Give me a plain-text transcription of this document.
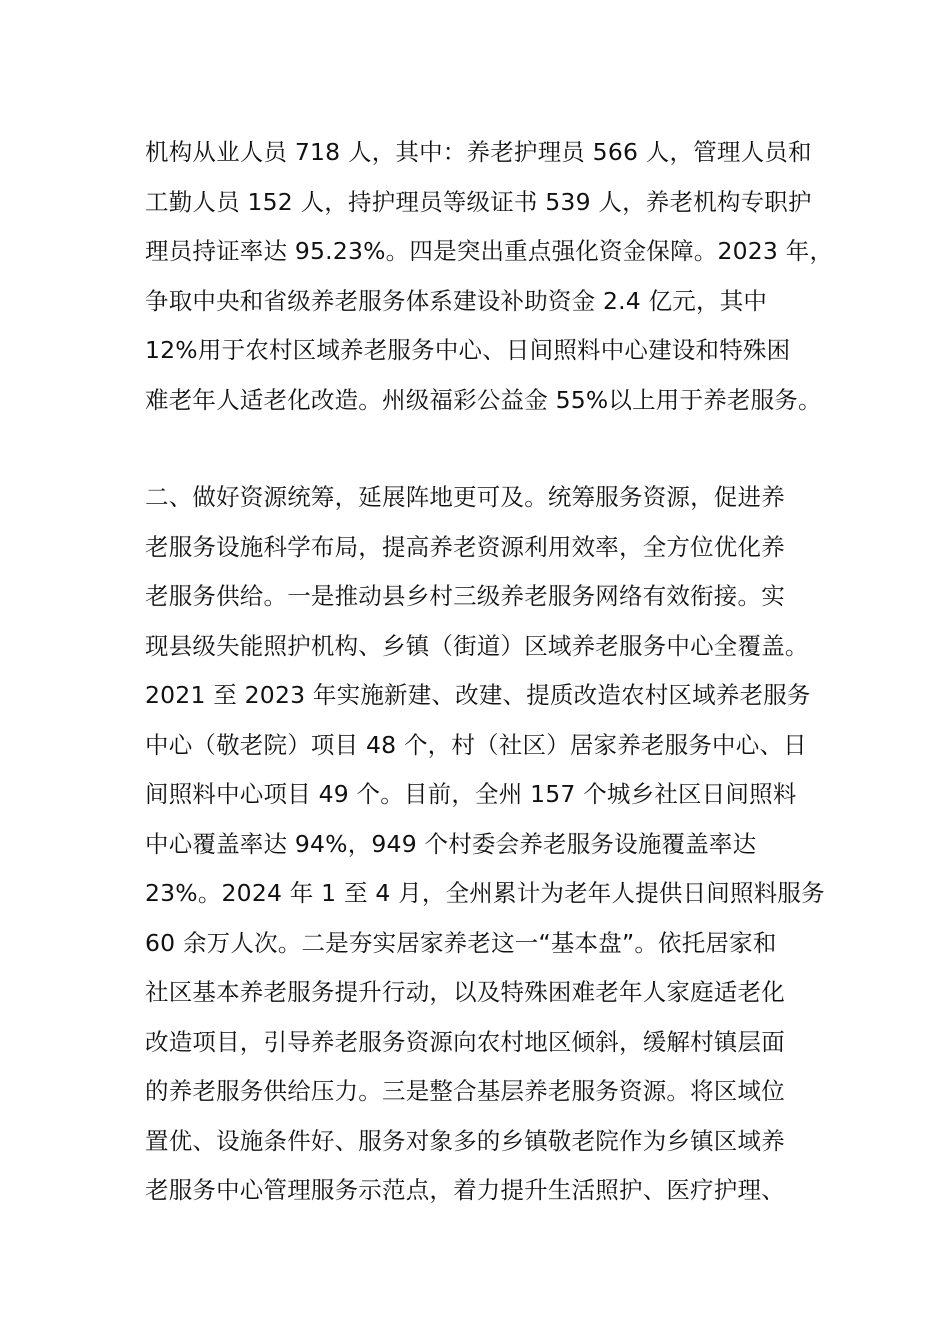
机构从业人员 718 人，其中：养老护理员 566 人，管理人员和
工勤人员 152 人，持护理员等级证书 539 人，养老机构专职护
理员持证率达 95.23%。四是突出重点强化资金保障。2023 年，
争取中央和省级养老服务体系建设补助资金 2.4 亿元，其中
12%用于农村区域养老服务中心、日间照料中心建设和特殊困
难老年人适老化改造。州级福彩公益金 55%以上用于养老服务。

二、做好资源统筹，延展阵地更可及。统筹服务资源，促进养
老服务设施科学布局，提高养老资源利用效率，全方位优化养
老服务供给。一是推动县乡村三级养老服务网络有效衔接。实
现县级失能照护机构、乡镇（街道）区域养老服务中心全覆盖。
2021 至 2023 年实施新建、改建、提质改造农村区域养老服务
中心（敬老院）项目 48 个，村（社区）居家养老服务中心、日
间照料中心项目 49 个。目前，全州 157 个城乡社区日间照料
中心覆盖率达 94%，949 个村委会养老服务设施覆盖率达
23%。2024 年 1 至 4 月，全州累计为老年人提供日间照料服务
60 余万人次。二是夯实居家养老这一“基本盘”。依托居家和
社区基本养老服务提升行动，以及特殊困难老年人家庭适老化
改造项目，引导养老服务资源向农村地区倾斜，缓解村镇层面
的养老服务供给压力。三是整合基层养老服务资源。将区域位
置优、设施条件好、服务对象多的乡镇敬老院作为乡镇区域养
老服务中心管理服务示范点，着力提升生活照护、医疗护理、
